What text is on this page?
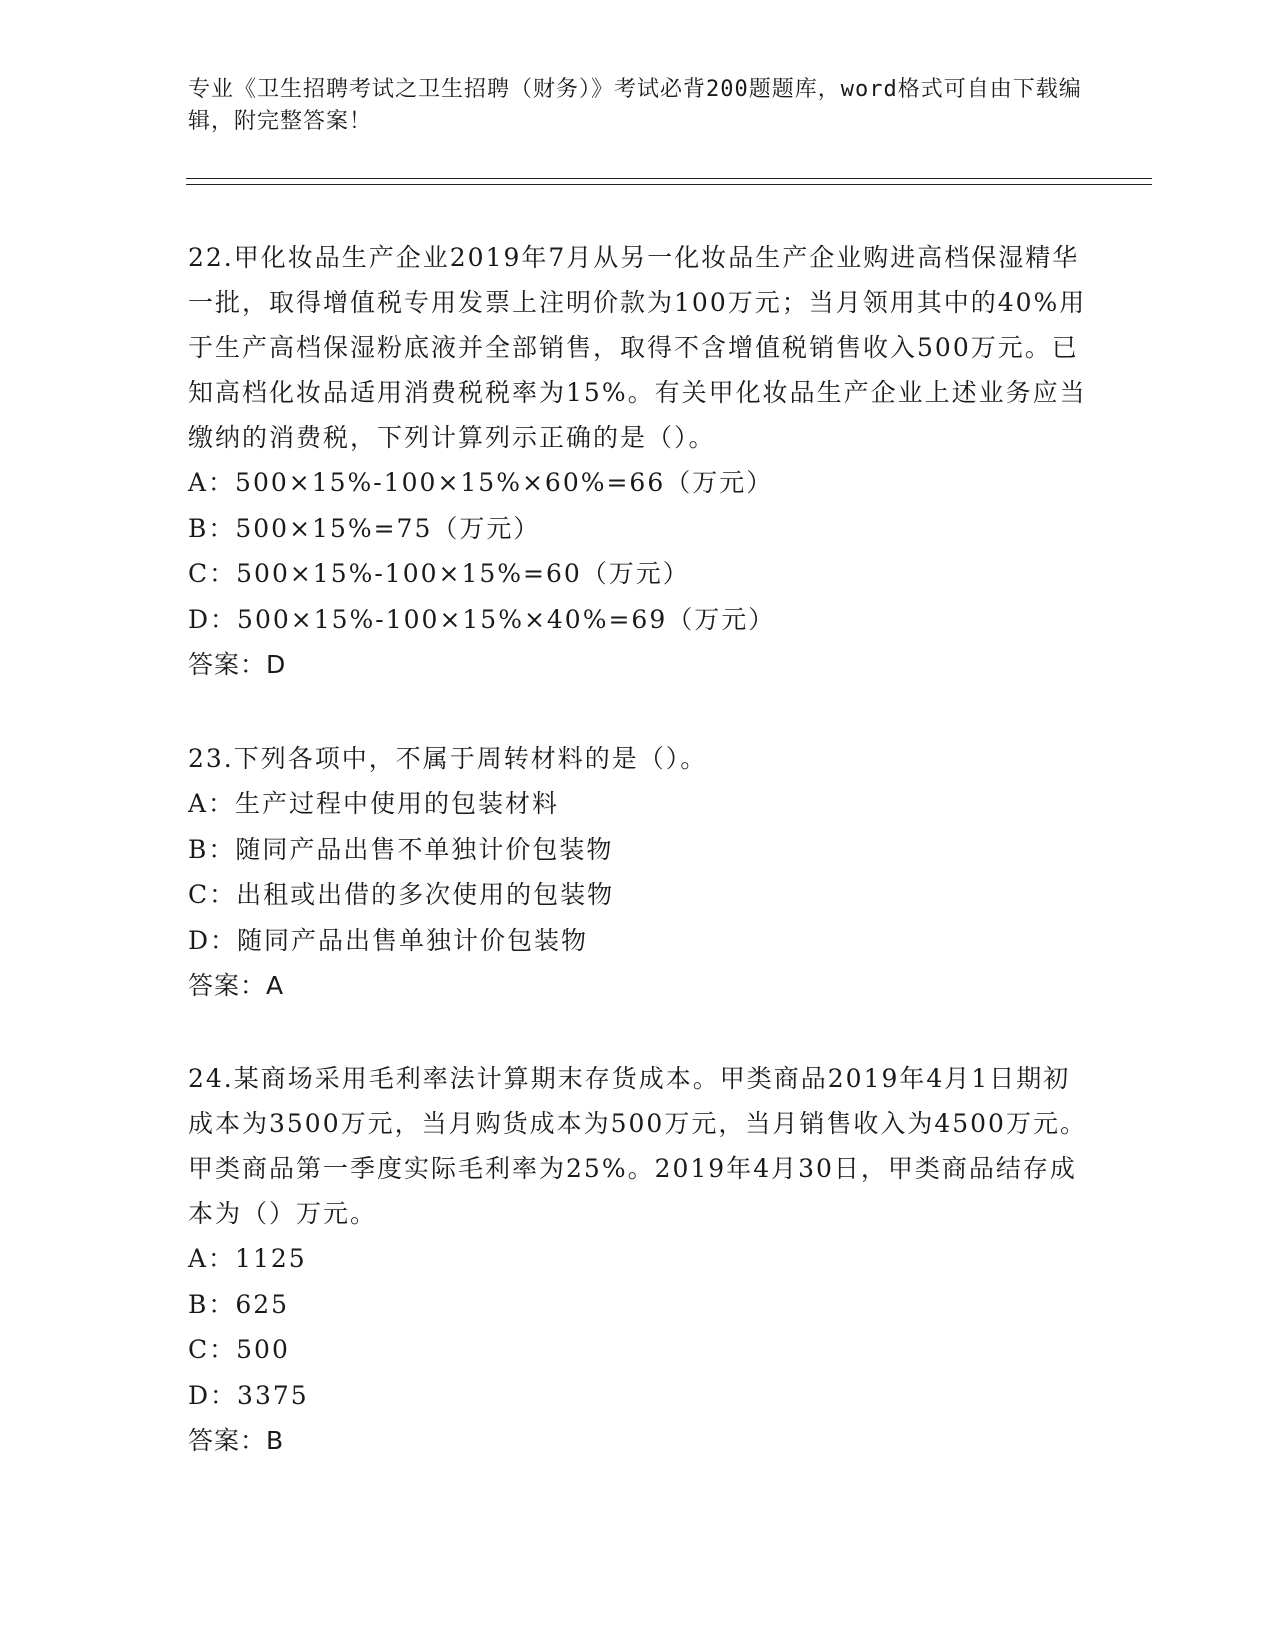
专业《卫生招聘考试之卫生招聘（财务）》考试必背200题题库，word格式可自由下载编辑，附完整答案！
22.甲化妆品生产企业2019年7月从另一化妆品生产企业购进高档保湿精华一批，取得增值税专用发票上注明价款为100万元；当月领用其中的40%用于生产高档保湿粉底液并全部销售，取得不含增值税销售收入500万元。已知高档化妆品适用消费税税率为15%。有关甲化妆品生产企业上述业务应当缴纳的消费税，下列计算列示正确的是（）。
A：500×15%-100×15%×60%=66（万元）
B：500×15%=75（万元）
C：500×15%-100×15%=60（万元）
D：500×15%-100×15%×40%=69（万元）
答案：D
23.下列各项中，不属于周转材料的是（）。
A：生产过程中使用的包装材料
B：随同产品出售不单独计价包装物
C：出租或出借的多次使用的包装物
D：随同产品出售单独计价包装物
答案：A
24.某商场采用毛利率法计算期末存货成本。甲类商品2019年4月1日期初成本为3500万元，当月购货成本为500万元，当月销售收入为4500万元。甲类商品第一季度实际毛利率为25%。2019年4月30日，甲类商品结存成本为（）万元。
A：1125
B：625
C：500
D：3375
答案：B
